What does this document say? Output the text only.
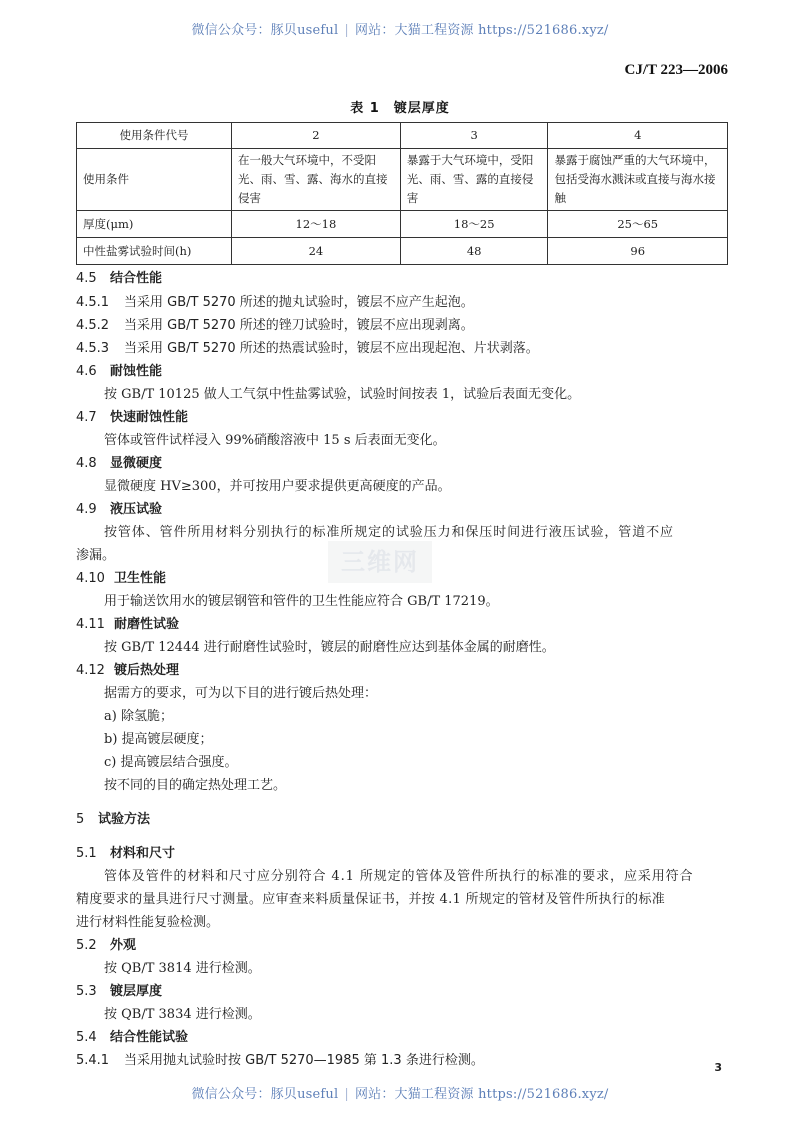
微信公众号：豚贝useful | 网站：大猫工程资源 https://521686.xyz/
CJ/T 223—2006
表 1　镀层厚度
使用条件代号	2	3	4
使用条件	在一般大气环境中，不受阳光、雨、雪、露、海水的直接侵害	暴露于大气环境中，受阳光、雨、雪、露的直接侵害	暴露于腐蚀严重的大气环境中，包括受海水溅沫或直接与海水接触
厚度(μm)	12～18	18～25	25～65
中性盐雾试验时间(h)	24	48	96
4.5 结合性能
4.5.1 当采用 GB/T 5270 所述的抛丸试验时，镀层不应产生起泡。
4.5.2 当采用 GB/T 5270 所述的锉刀试验时，镀层不应出现剥离。
4.5.3 当采用 GB/T 5270 所述的热震试验时，镀层不应出现起泡、片状剥落。
4.6 耐蚀性能
按 GB/T 10125 做人工气氛中性盐雾试验，试验时间按表 1，试验后表面无变化。
4.7 快速耐蚀性能
管体或管件试样浸入 99%硝酸溶液中 15 s 后表面无变化。
4.8 显微硬度
显微硬度 HV≥300，并可按用户要求提供更高硬度的产品。
4.9 液压试验
按管体、管件所用材料分别执行的标准所规定的试验压力和保压时间进行液压试验，管道不应
渗漏。
4.10 卫生性能
用于输送饮用水的镀层钢管和管件的卫生性能应符合 GB/T 17219。
4.11 耐磨性试验
按 GB/T 12444 进行耐磨性试验时，镀层的耐磨性应达到基体金属的耐磨性。
4.12 镀后热处理
据需方的要求，可为以下目的进行镀后热处理：
a) 除氢脆；
b) 提高镀层硬度；
c) 提高镀层结合强度。
按不同的目的确定热处理工艺。
5 试验方法
5.1 材料和尺寸
管体及管件的材料和尺寸应分别符合 4.1 所规定的管体及管件所执行的标准的要求，应采用符合
精度要求的量具进行尺寸测量。应审查来料质量保证书，并按 4.1 所规定的管材及管件所执行的标准
进行材料性能复验检测。
5.2 外观
按 QB/T 3814 进行检测。
5.3 镀层厚度
按 QB/T 3834 进行检测。
5.4 结合性能试验
5.4.1 当采用抛丸试验时按 GB/T 5270—1985 第 1.3 条进行检测。
三维网
3
微信公众号：豚贝useful | 网站：大猫工程资源 https://521686.xyz/
